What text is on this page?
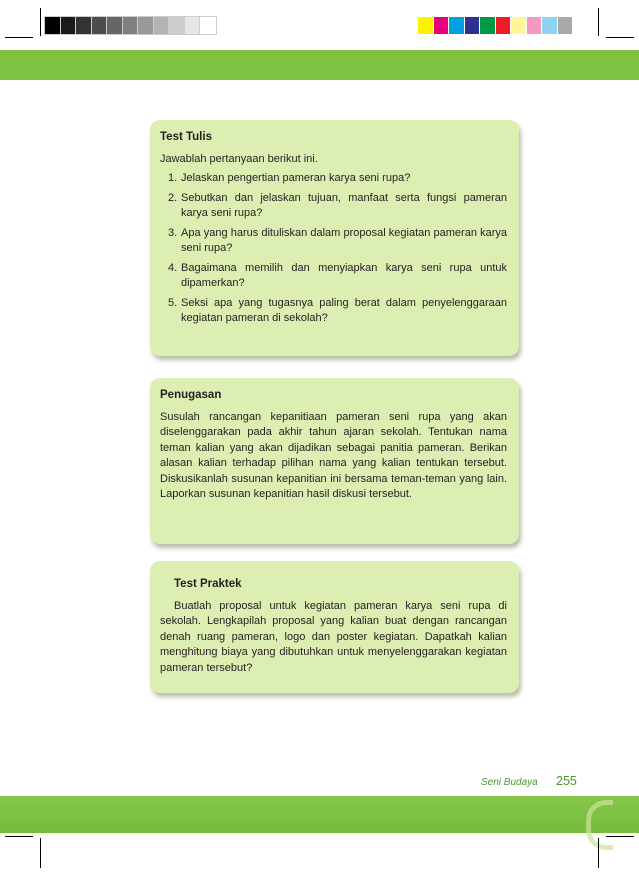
Test Tulis

Jawablah pertanyaan berikut ini.

1. Jelaskan pengertian pameran karya seni rupa?
2. Sebutkan dan jelaskan tujuan, manfaat serta fungsi pameran karya seni rupa?
3. Apa yang harus dituliskan dalam proposal kegiatan pameran karya seni rupa?
4. Bagaimana memilih dan menyiapkan karya seni rupa untuk dipamerkan?
5. Seksi apa yang tugasnya paling berat dalam penyelenggaraan kegiatan pameran di sekolah?
Penugasan

Susulah rancangan kepanitiaan pameran seni rupa yang akan diselenggarakan pada akhir tahun ajaran sekolah. Tentukan nama teman kalian yang akan dijadikan sebagai panitia pameran. Berikan alasan kalian terhadap pilihan nama yang kalian tentukan tersebut. Diskusikanlah susunan kepanitian ini bersama teman-teman yang lain. Laporkan susunan kepanitian hasil diskusi tersebut.

Test Praktek

Buatlah proposal untuk kegiatan pameran karya seni rupa di sekolah. Lengkapilah proposal yang kalian buat dengan rancangan denah ruang pameran, logo dan poster kegiatan. Dapatkah kalian menghitung biaya yang dibutuhkan untuk menyelenggarakan kegiatan pameran tersebut?

Seni Budaya 255
